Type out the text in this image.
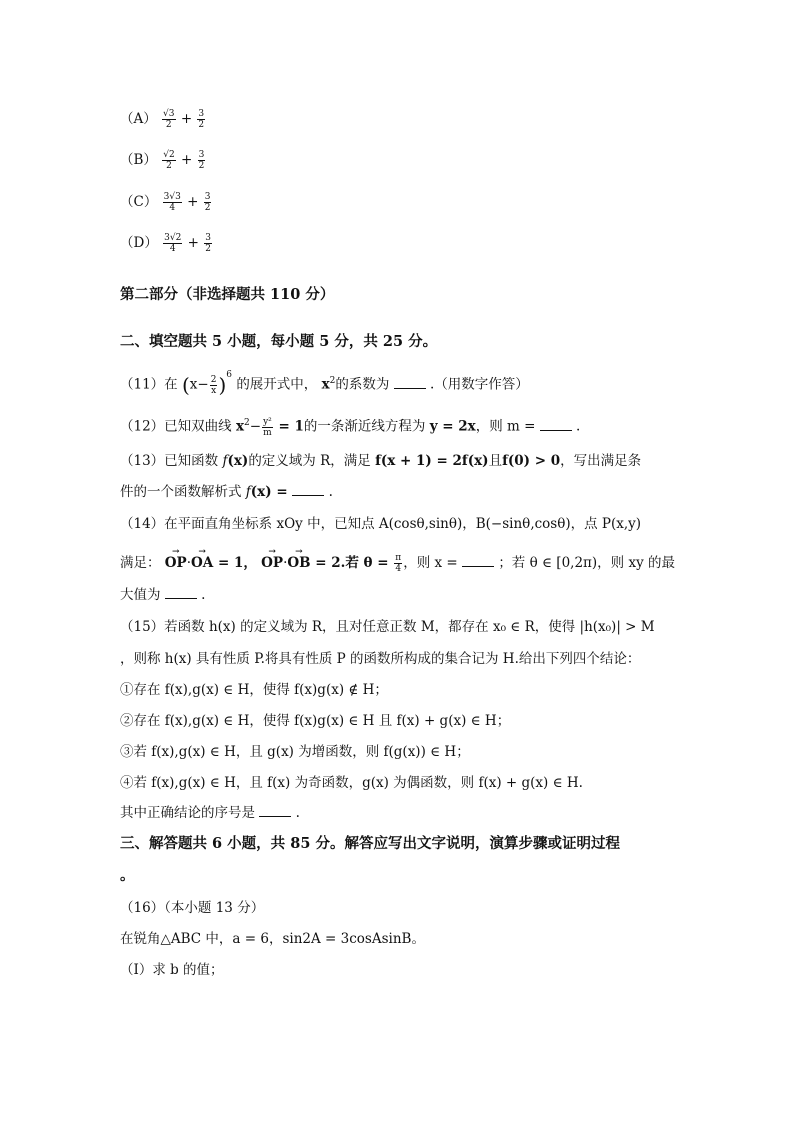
$(A) \frac{√3}{2} + \frac{3}{2}$
$(B) \frac{√2}{2} + \frac{3}{2}$
$(C) \frac{3√3}{4} + \frac{3}{2}$
$(D) \frac{3√2}{4} + \frac{3}{2}$
第二部分（非选择题共 110 分）
二、填空题共 5 小题，每小题 5 分，共 25 分。
（11）在 $(x- \frac{2}{x} )^6$ 的展开式中， $x^2$的系数为	.（用数字作答）
（12）已知双曲线 $x^2- \frac{\text{y²}}{m} = 1$的一条渐近线方程为 y = 2x，则 m =	.
（13）已知函数 f(x)的定义域为 R，满足 f(x + 1) = 2f(x)且f(0) > 0，写出满足条
件的一个函数解析式 f(x) =	.
（14）在平面直角坐标系 xOy 中，已知点 A(cosθ,sinθ)，B(−sinθ,cosθ)，点 P(x,y)
满足： → OP·→ OA = 1， → OP·→ OB = 2.若 $\theta = \frac{\pi}{4}$ ，则 x =	；若 θ ∈ [0,2π)，则 xy 的最
大值为	.
（15）若函数 h(x) 的定义域为 R，且对任意正数 M，都存在 x₀ ∈ R，使得 |h(x₀)| > M
，则称 h(x) 具有性质 P.将具有性质 P 的函数所构成的集合记为 H.给出下列四个结论：
①存在 f(x),g(x) ∈ H，使得 f(x)g(x) ∉ H；
②存在 f(x),g(x) ∈ H，使得 f(x)g(x) ∈ H 且 f(x) + g(x) ∈ H；
③若 f(x),g(x) ∈ H，且 g(x) 为增函数，则 f(g(x)) ∈ H；
④若 f(x),g(x) ∈ H，且 f(x) 为奇函数，g(x) 为偶函数，则 f(x) + g(x) ∈ H.
其中正确结论的序号是	.
三、解答题共 6 小题，共 85 分。解答应写出文字说明，演算步骤或证明过程
。
（16）（本小题 13 分）
在锐角△ABC 中，a = 6，sin2A = 3cosAsinB。
（Ⅰ）求 b 的值；
